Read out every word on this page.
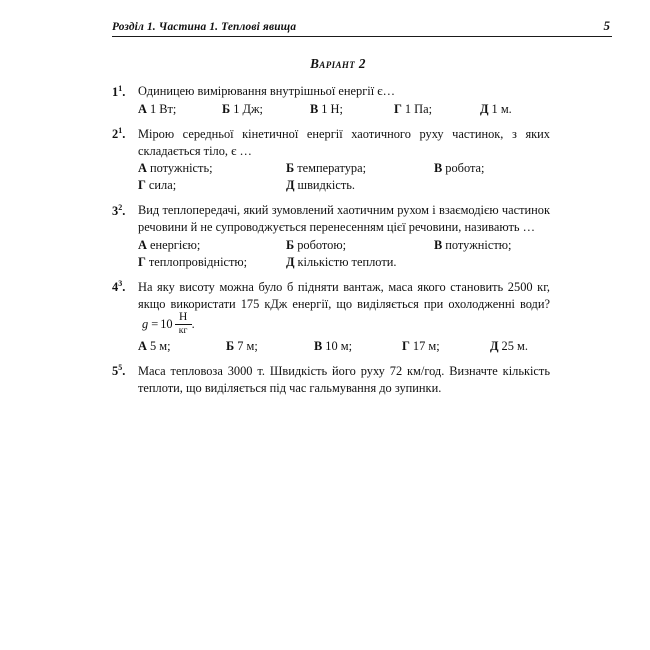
Розділ 1. Частина 1. Теплові явища	5
Варіант 2
$1^1$.	Одиницею вимірювання внутрішньої енергії є…
А 1 Вт;	Б 1 Дж;	В 1 Н;	Г 1 Па;	Д 1 м.
$2^1$.	Мірою середньої кінетичної енергії хаотичного руху частинок, з яких складається тіло, є …
А потужність;	Б температура;	В робота;
Г сила;	Д швидкість.
$3^2$.	Вид теплопередачі, який зумовлений хаотичним рухом і взаємодією частинок речовини й не супроводжується перенесенням цієї речовини, називають …
А енергією;	Б роботою;	В потужністю;
Г теплопровідністю;	Д кількістю теплоти.
$4^3$.	На яку висоту можна було б підняти вантаж, маса якого становить 2500 кг, якщо використати 175 кДж енергії, що виділяється при охолодженні води?
$g = 10 \frac{Н}{кг}$ .
А 5 м;	Б 7 м;	В 10 м;	Г 17 м;	Д 25 м.
$5^5$.	Маса тепловоза 3000 т. Швидкість його руху 72 км/год. Визначте кількість теплоти, що виділяється під час гальмування до зупинки.
